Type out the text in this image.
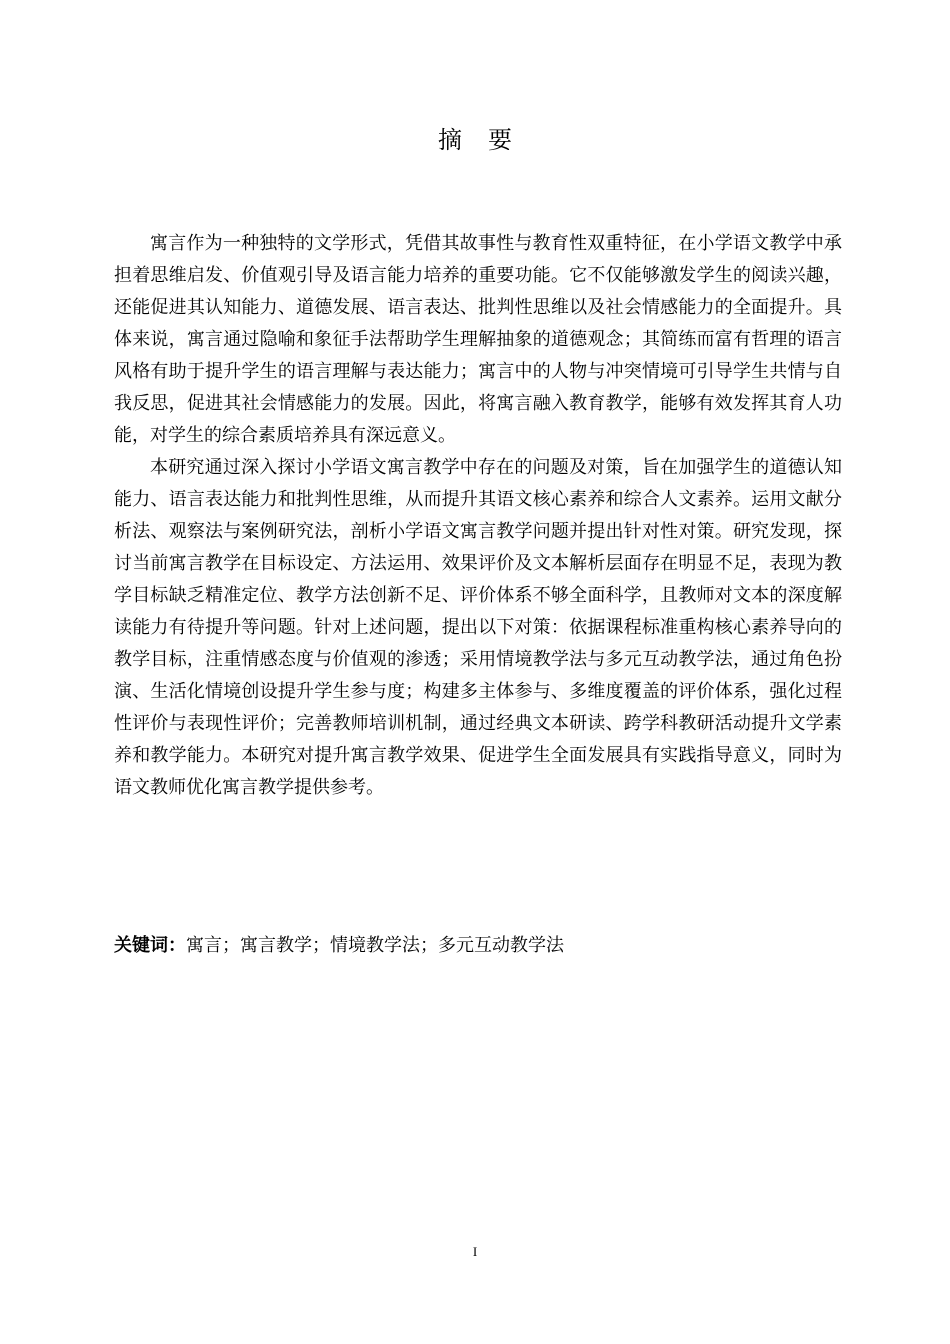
摘要

寓言作为一种独特的文学形式，凭借其故事性与教育性双重特征，在小学语文教学中承担着思维启发、价值观引导及语言能力培养的重要功能。它不仅能够激发学生的阅读兴趣，还能促进其认知能力、道德发展、语言表达、批判性思维以及社会情感能力的全面提升。具体来说，寓言通过隐喻和象征手法帮助学生理解抽象的道德观念；其简练而富有哲理的语言风格有助于提升学生的语言理解与表达能力；寓言中的人物与冲突情境可引导学生共情与自我反思，促进其社会情感能力的发展。因此，将寓言融入教育教学，能够有效发挥其育人功能，对学生的综合素质培养具有深远意义。

本研究通过深入探讨小学语文寓言教学中存在的问题及对策，旨在加强学生的道德认知能力、语言表达能力和批判性思维，从而提升其语文核心素养和综合人文素养。运用文献分析法、观察法与案例研究法，剖析小学语文寓言教学问题并提出针对性对策。研究发现，探讨当前寓言教学在目标设定、方法运用、效果评价及文本解析层面存在明显不足，表现为教学目标缺乏精准定位、教学方法创新不足、评价体系不够全面科学，且教师对文本的深度解读能力有待提升等问题。针对上述问题，提出以下对策：依据课程标准重构核心素养导向的教学目标，注重情感态度与价值观的渗透；采用情境教学法与多元互动教学法，通过角色扮演、生活化情境创设提升学生参与度；构建多主体参与、多维度覆盖的评价体系，强化过程性评价与表现性评价；完善教师培训机制，通过经典文本研读、跨学科教研活动提升文学素养和教学能力。本研究对提升寓言教学效果、促进学生全面发展具有实践指导意义，同时为语文教师优化寓言教学提供参考。

关键词：寓言；寓言教学；情境教学法；多元互动教学法
I
